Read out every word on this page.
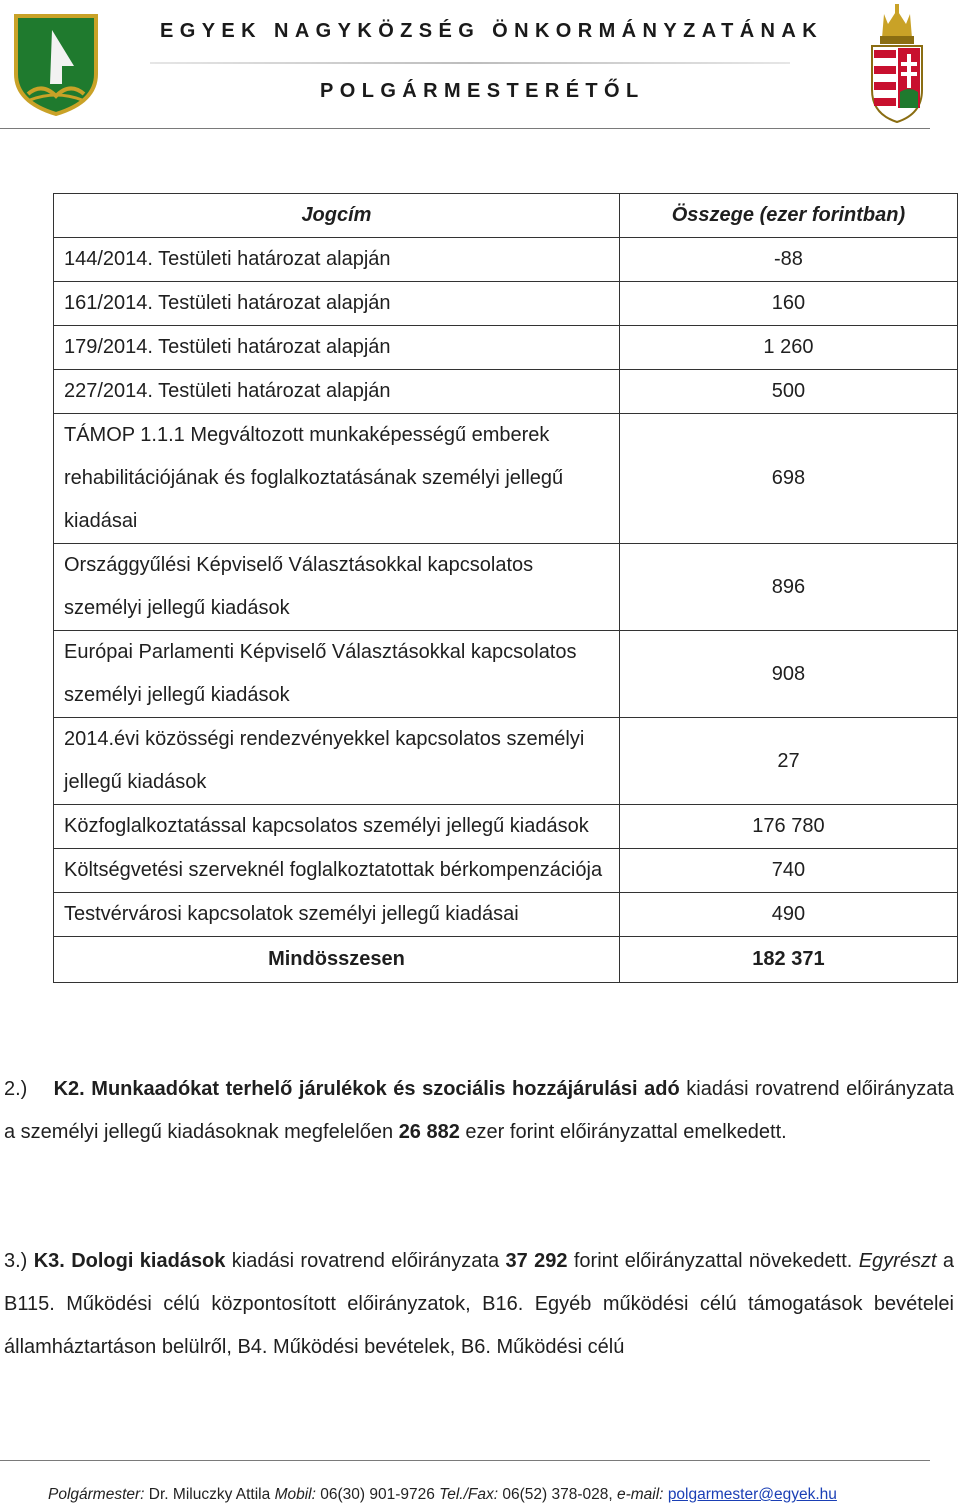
EGYEK NAGYKÖZSÉG ÖNKORMÁNYZATÁNAK
POLGÁRMESTERÉTŐL
Jogcím	Összege (ezer forintban)
144/2014. Testületi határozat alapján	-88
161/2014. Testületi határozat alapján	160
179/2014. Testületi határozat alapján	1 260
227/2014. Testületi határozat alapján	500
TÁMOP 1.1.1 Megváltozott munkaképességű emberek rehabilitációjának és foglalkoztatásának személyi jellegű kiadásai	698
Országgyűlési Képviselő Választásokkal kapcsolatos személyi jellegű kiadások	896
Európai Parlamenti Képviselő Választásokkal kapcsolatos személyi jellegű kiadások	908
2014.évi közösségi rendezvényekkel kapcsolatos személyi jellegű kiadások	27
Közfoglalkoztatással kapcsolatos személyi jellegű kiadások	176 780
Költségvetési szerveknél foglalkoztatottak bérkompenzációja	740
Testvérvárosi kapcsolatok személyi jellegű kiadásai	490
Mindösszesen	182 371
2.) K2. Munkaadókat terhelő járulékok és szociális hozzájárulási adó kiadási rovatrend előirányzata a személyi jellegű kiadásoknak megfelelően 26 882 ezer forint előirányzattal emelkedett.
3.) K3. Dologi kiadások kiadási rovatrend előirányzata 37 292 forint előirányzattal növekedett. Egyrészt a B115. Működési célú központosított előirányzatok, B16. Egyéb működési célú támogatások bevételei államháztartáson belülről, B4. Működési bevételek, B6. Működési célú
Polgármester: Dr. Miluczky Attila Mobil: 06(30) 901-9726 Tel./Fax: 06(52) 378-028, e-mail: polgarmester@egyek.hu
